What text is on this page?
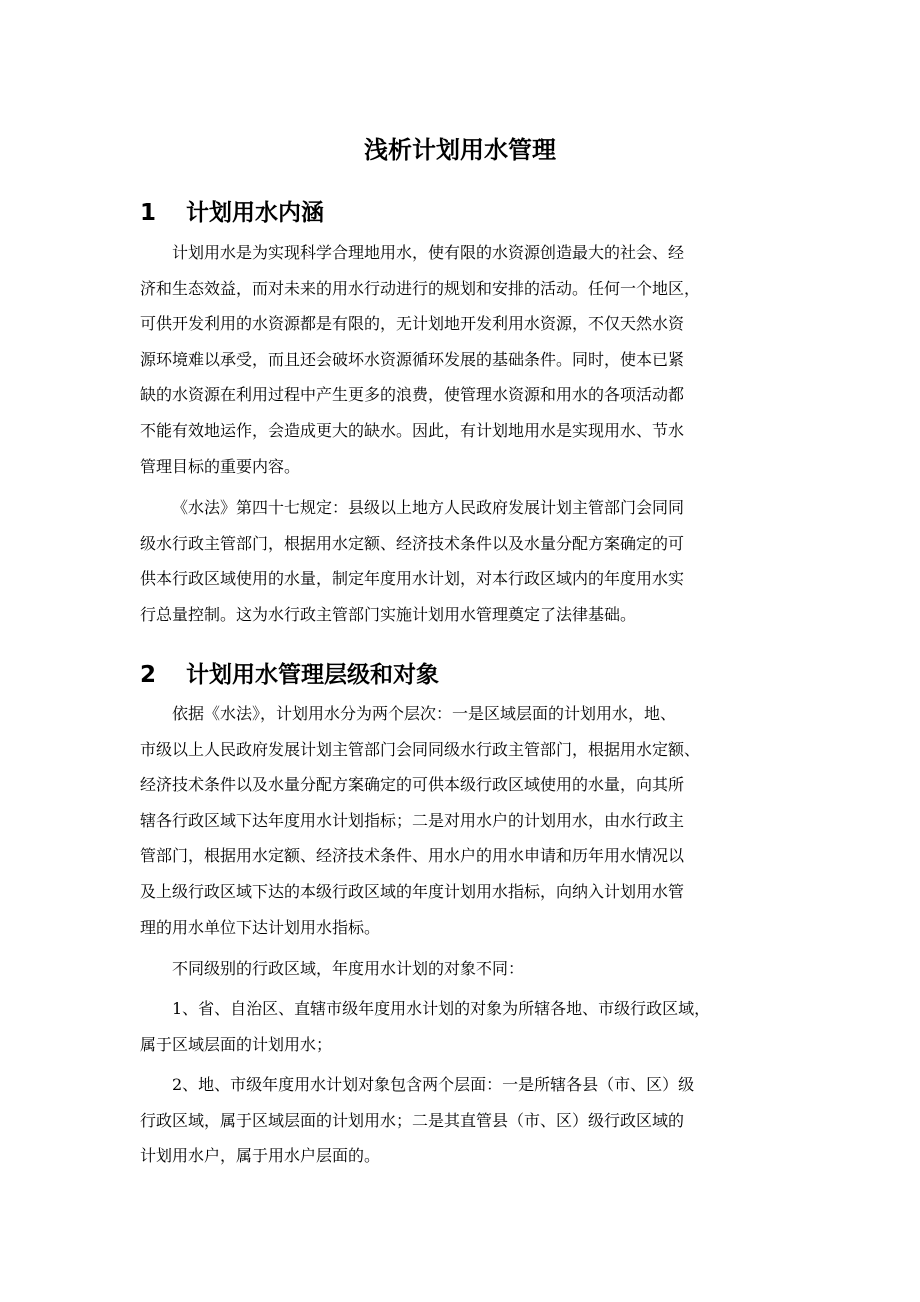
浅析计划用水管理
1 计划用水内涵

计划用水是为实现科学合理地用水，使有限的水资源创造最大的社会、经
济和生态效益，而对未来的用水行动进行的规划和安排的活动。任何一个地区，
可供开发利用的水资源都是有限的，无计划地开发利用水资源，不仅天然水资
源环境难以承受，而且还会破坏水资源循环发展的基础条件。同时，使本已紧
缺的水资源在利用过程中产生更多的浪费，使管理水资源和用水的各项活动都
不能有效地运作，会造成更大的缺水。因此，有计划地用水是实现用水、节水
管理目标的重要内容。

《水法》第四十七规定：县级以上地方人民政府发展计划主管部门会同同
级水行政主管部门，根据用水定额、经济技术条件以及水量分配方案确定的可
供本行政区域使用的水量，制定年度用水计划，对本行政区域内的年度用水实
行总量控制。这为水行政主管部门实施计划用水管理奠定了法律基础。

2 计划用水管理层级和对象

依据《水法》，计划用水分为两个层次：一是区域层面的计划用水，地、
市级以上人民政府发展计划主管部门会同同级水行政主管部门，根据用水定额、
经济技术条件以及水量分配方案确定的可供本级行政区域使用的水量，向其所
辖各行政区域下达年度用水计划指标；二是对用水户的计划用水，由水行政主
管部门，根据用水定额、经济技术条件、用水户的用水申请和历年用水情况以
及上级行政区域下达的本级行政区域的年度计划用水指标，向纳入计划用水管
理的用水单位下达计划用水指标。

不同级别的行政区域，年度用水计划的对象不同：

1、省、自治区、直辖市级年度用水计划的对象为所辖各地、市级行政区域，
属于区域层面的计划用水；

2、地、市级年度用水计划对象包含两个层面：一是所辖各县（市、区）级
行政区域，属于区域层面的计划用水；二是其直管县（市、区）级行政区域的
计划用水户，属于用水户层面的。
